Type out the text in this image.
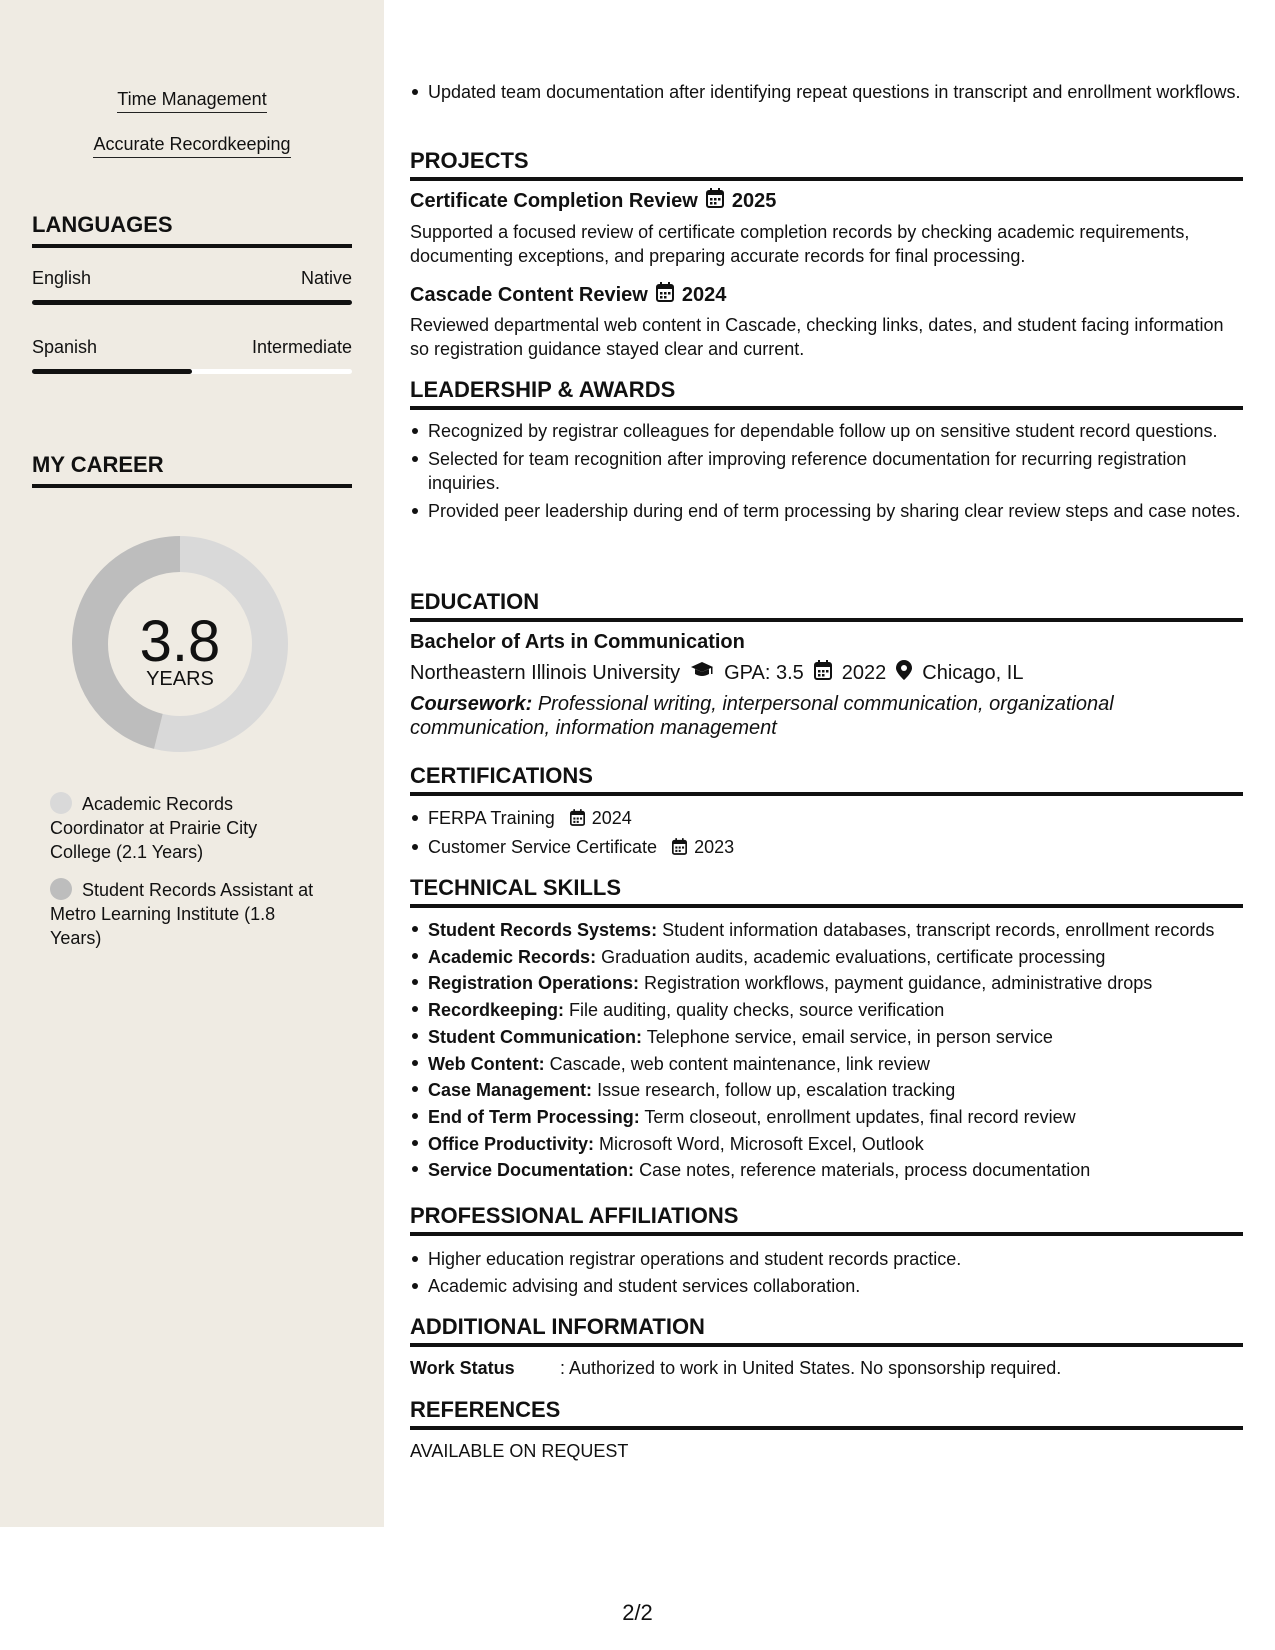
Time Management
Accurate Recordkeeping
LANGUAGES
English	Native
Spanish	Intermediate
MY CAREER
3.8
YEARS
Academic Records Coordinator at Prairie City College (2.1 Years)
Student Records Assistant at Metro Learning Institute (1.8 Years)
Updated team documentation after identifying repeat questions in transcript and enrollment workflows.
PROJECTS
Certificate Completion Review 2025
Supported a focused review of certificate completion records by checking academic requirements, documenting exceptions, and preparing accurate records for final processing.
Cascade Content Review 2024
Reviewed departmental web content in Cascade, checking links, dates, and student facing information so registration guidance stayed clear and current.
LEADERSHIP & AWARDS
Recognized by registrar colleagues for dependable follow up on sensitive student record questions.
Selected for team recognition after improving reference documentation for recurring registration inquiries.
Provided peer leadership during end of term processing by sharing clear review steps and case notes.
EDUCATION
Bachelor of Arts in Communication
Northeastern Illinois University GPA: 3.5 2022 Chicago, IL
Coursework: Professional writing, interpersonal communication, organizational communication, information management
CERTIFICATIONS
FERPA Training 2024
Customer Service Certificate 2023
TECHNICAL SKILLS
Student Records Systems: Student information databases, transcript records, enrollment records
Academic Records: Graduation audits, academic evaluations, certificate processing
Registration Operations: Registration workflows, payment guidance, administrative drops
Recordkeeping: File auditing, quality checks, source verification
Student Communication: Telephone service, email service, in person service
Web Content: Cascade, web content maintenance, link review
Case Management: Issue research, follow up, escalation tracking
End of Term Processing: Term closeout, enrollment updates, final record review
Office Productivity: Microsoft Word, Microsoft Excel, Outlook
Service Documentation: Case notes, reference materials, process documentation
PROFESSIONAL AFFILIATIONS
Higher education registrar operations and student records practice.
Academic advising and student services collaboration.
ADDITIONAL INFORMATION
Work Status	: Authorized to work in United States. No sponsorship required.
REFERENCES
AVAILABLE ON REQUEST
2/2
